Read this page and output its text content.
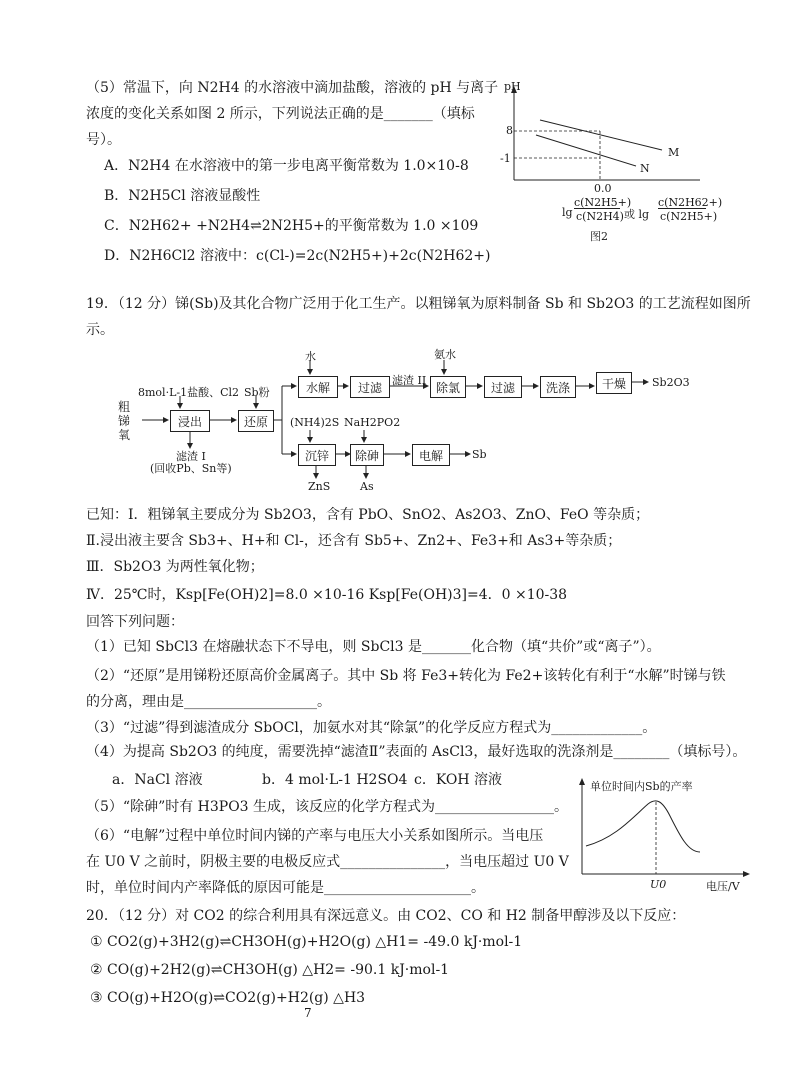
（5）常温下，向 N2H4 的水溶液中滴加盐酸，溶液的 pH 与离子
浓度的变化关系如图 2 所示，下列说法正确的是_______（填标
号）。
A．N2H4 在水溶液中的第一步电离平衡常数为 1.0×10-8
B．N2H5Cl 溶液显酸性
C．N2H62+ +N2H4⇌2N2H5+的平衡常数为 1.0 ×109
D．N2H6Cl2 溶液中：c(Cl-)=2c(N2H5+)+2c(N2H62+)
pH
8
-1
0.0
M
N
lg
c(N2H5+)
c(N2H4) 或 lg
c(N2H62+)
c(N2H5+)
图2
19．（12 分）锑(Sb)及其化合物广泛用于化工生产。以粗锑氧为原料制备 Sb 和 Sb2O3 的工艺流程如图所
示。
粗锑氧
8mol·L-1盐酸、Cl2
浸出
滤渣 I
(回收Pb、Sn等)
Sb粉
还原
水
水解	过滤 滤渣 II
氨水
除氯	过滤	洗涤	干燥	Sb2O3
(NH4)2S
沉锌
ZnS
NaH2PO2
除砷
As
电解	Sb
已知：Ⅰ．粗锑氧主要成分为 Sb2O3，含有 PbO、SnO2、As2O3、ZnO、FeO 等杂质；
Ⅱ.浸出液主要含 Sb3+、H+和 Cl-，还含有 Sb5+、Zn2+、Fe3+和 As3+等杂质；
Ⅲ．Sb2O3 为两性氧化物；
Ⅳ．25℃时，Ksp[Fe(OH)2]=8.0 ×10-16 Ksp[Fe(OH)3]=4．0 ×10-38
回答下列问题：
（1）已知 SbCl3 在熔融状态下不导电，则 SbCl3 是_______化合物（填“共价”或“离子”）。
（2）“还原”是用锑粉还原高价金属离子。其中 Sb 将 Fe3+转化为 Fe2+该转化有利于“水解”时锑与铁
的分离，理由是___________________。
（3）“过滤”得到滤渣成分 SbOCl，加氨水对其“除氯”的化学反应方程式为_____________。
（4）为提高 Sb2O3 的纯度，需要洗掉“滤渣Ⅱ”表面的 AsCl3，最好选取的洗涤剂是________（填标号）。
a．NaCl 溶液	b．4 mol·L-1 H2SO4 c．KOH 溶液
（5）“除砷”时有 H3PO3 生成，该反应的化学方程式为_________________。
（6）“电解”过程中单位时间内锑的产率与电压大小关系如图所示。当电压
在 U0 V 之前时，阴极主要的电极反应式_______________，当电压超过 U0 V
时，单位时间内产率降低的原因可能是_____________________。
单位时间内Sb的产率
U0	电压/V
20．（12 分）对 CO2 的综合利用具有深远意义。由 CO2、CO 和 H2 制备甲醇涉及以下反应：
① CO2(g)+3H2(g)⇌CH3OH(g)+H2O(g) △H1= -49.0 kJ·mol-1
② CO(g)+2H2(g)⇌CH3OH(g) △H2= -90.1 kJ·mol-1
③ CO(g)+H2O(g)⇌CO2(g)+H2(g) △H3
7
